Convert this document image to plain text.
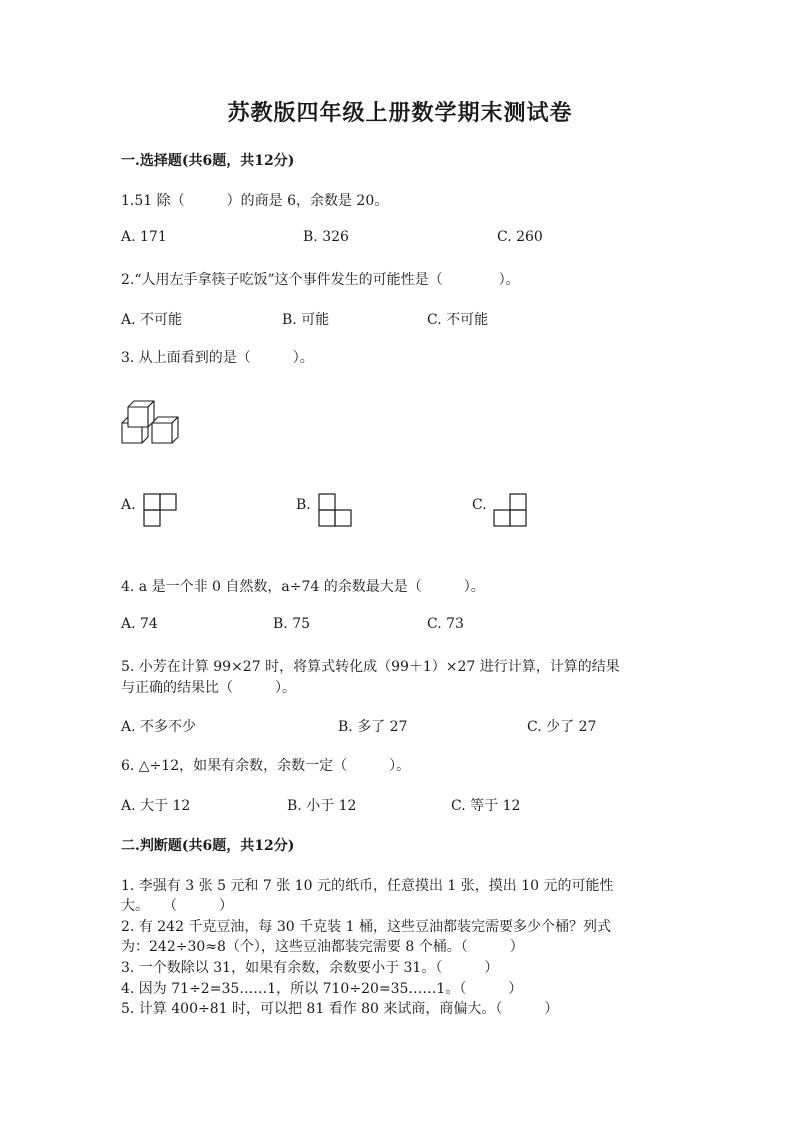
苏教版四年级上册数学期末测试卷
一.选择题(共6题，共12分)
1.51 除（　　　）的商是 6，余数是 20。
A. 171	B. 326	C. 260
2.“人用左手拿筷子吃饭”这个事件发生的可能性是（　　　　）。
A. 不可能	B. 可能	C. 不可能
3. 从上面看到的是（　　　）。
A.	B.	C.
4. a 是一个非 0 自然数，a÷74 的余数最大是（　　　）。
A. 74	B. 75	C. 73
5. 小芳在计算 99×27 时，将算式转化成（99＋1）×27 进行计算，计算的结果
与正确的结果比（　　　）。
A. 不多不少	B. 多了 27	C. 少了 27
6. △÷12，如果有余数，余数一定（　　　）。
A. 大于 12	B. 小于 12	C. 等于 12
二.判断题(共6题，共12分)
1. 李强有 3 张 5 元和 7 张 10 元的纸币，任意摸出 1 张，摸出 10 元的可能性
大。　　（　　　）
2. 有 242 千克豆油，每 30 千克装 1 桶，这些豆油都装完需要多少个桶？列式
为：242÷30≈8（个），这些豆油都装完需要 8 个桶。（　　　）
3. 一个数除以 31，如果有余数，余数要小于 31。（　　　）
4. 因为 71÷2=35……1，所以 710÷20=35……1。（　　　）
5. 计算 400÷81 时，可以把 81 看作 80 来试商，商偏大。（　　　）
